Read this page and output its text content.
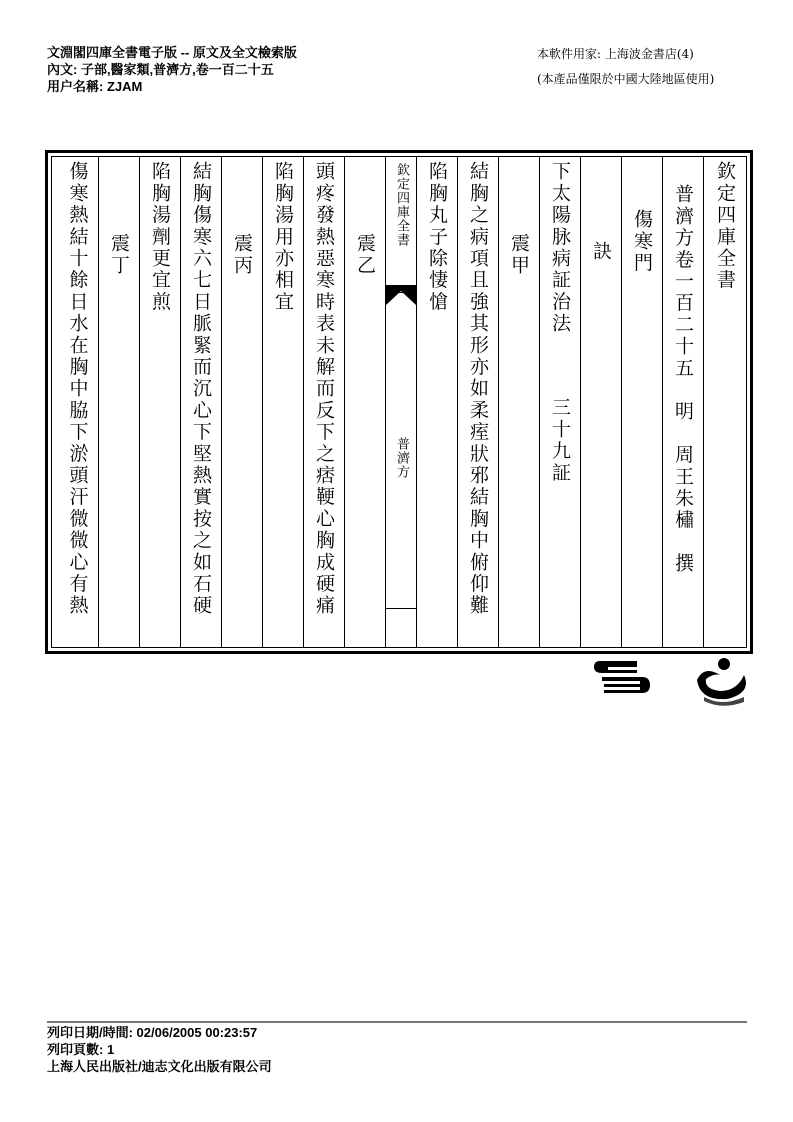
文淵閣四庫全書電子版 -- 原文及全文檢索版
內文: 子部,醫家類,普濟方,卷一百二十五
用户名稱: ZJAM
本軟件用家: 上海波金書店(4)
(本產品僅限於中國大陸地區使用)
欽定四庫全書
普濟方卷一百二十五　明　周王朱橚　撰
傷寒門
訣
下太陽脉病証治法
三十九証
震甲
結胸之病項且強其形亦如柔痓狀邪結胸中俯仰難
陷胸丸子除悽愴
欽定四庫全書
普濟方
震乙
頭疼發熱惡寒時表未解而反下之痞鞕心胸成硬痛
陷胸湯用亦相宜
震丙
結胸傷寒六七日脈緊而沉心下堅熱實按之如石硬
陷胸湯劑更宜煎
震丁
傷寒熱結十餘日水在胸中脇下淤頭汗微微心有熱
列印日期/時間: 02/06/2005 00:23:57
列印頁數: 1
上海人民出版社/迪志文化出版有限公司
